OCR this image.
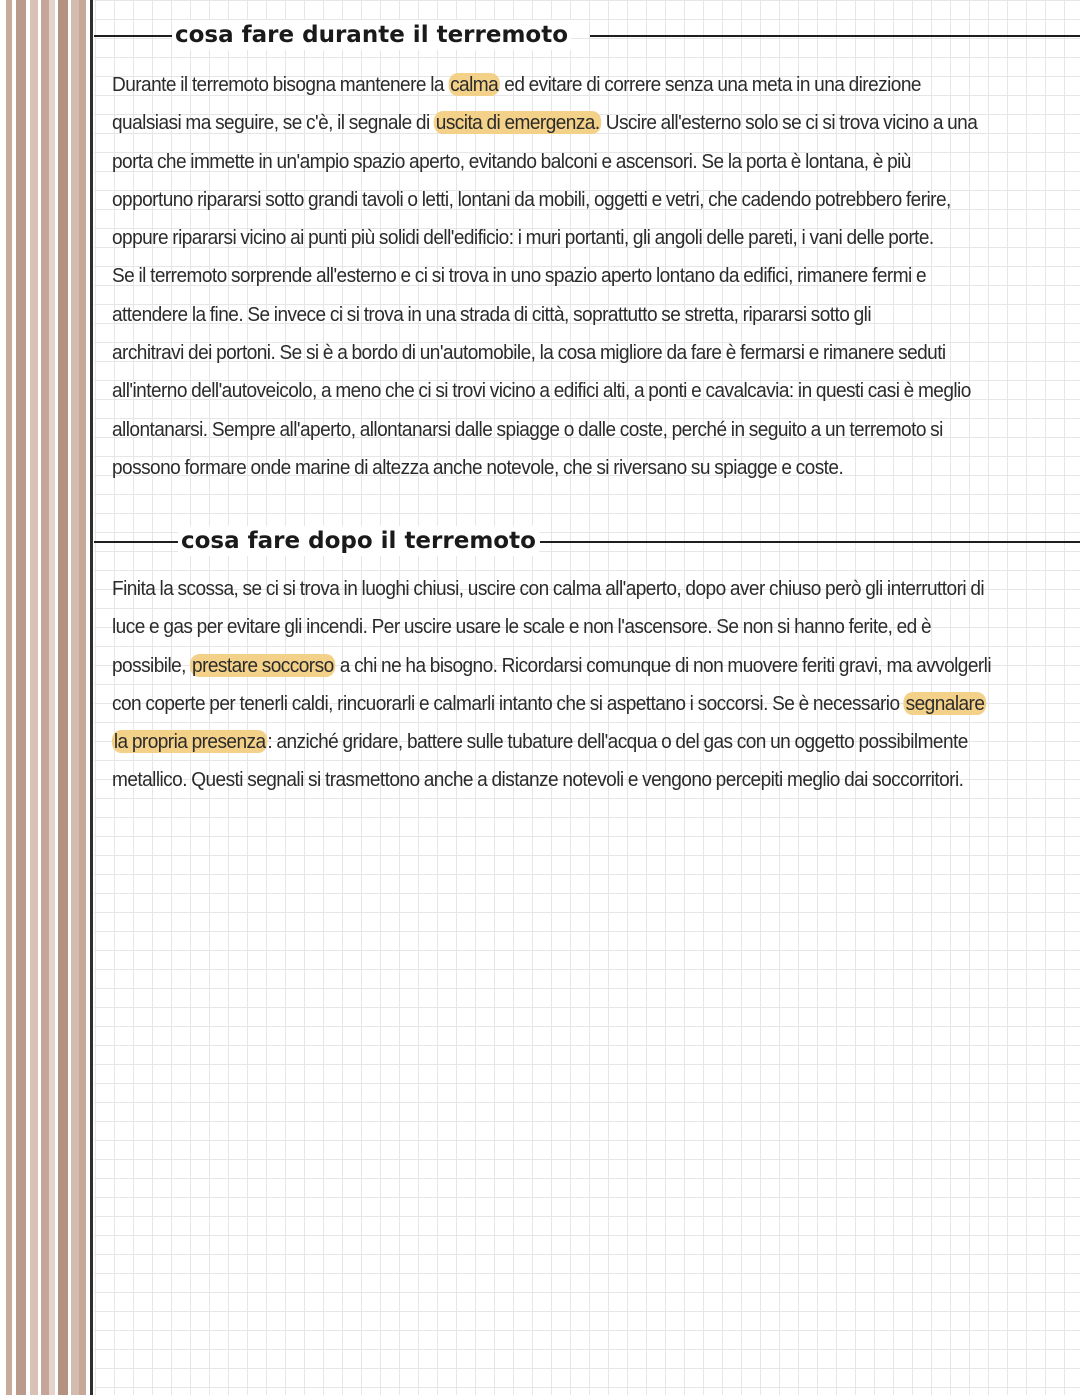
cosa fare durante il terremoto

Durante il terremoto bisogna mantenere la calma ed evitare di correre senza una meta in una direzione
qualsiasi ma seguire, se c'è, il segnale di uscita di emergenza. Uscire all'esterno solo se ci si trova vicino a una
porta che immette in un'ampio spazio aperto, evitando balconi e ascensori. Se la porta è lontana, è più
opportuno ripararsi sotto grandi tavoli o letti, lontani da mobili, oggetti e vetri, che cadendo potrebbero ferire,
oppure ripararsi vicino ai punti più solidi dell'edificio: i muri portanti, gli angoli delle pareti, i vani delle porte.
Se il terremoto sorprende all'esterno e ci si trova in uno spazio aperto lontano da edifici, rimanere fermi e
attendere la fine. Se invece ci si trova in una strada di città, soprattutto se stretta, ripararsi sotto gli
architravi dei portoni. Se si è a bordo di un'automobile, la cosa migliore da fare è fermarsi e rimanere seduti
all'interno dell'autoveicolo, a meno che ci si trovi vicino a edifici alti, a ponti e cavalcavia: in questi casi è meglio
allontanarsi. Sempre all'aperto, allontanarsi dalle spiagge o dalle coste, perché in seguito a un terremoto si
possono formare onde marine di altezza anche notevole, che si riversano su spiagge e coste.

cosa fare dopo il terremoto

Finita la scossa, se ci si trova in luoghi chiusi, uscire con calma all'aperto, dopo aver chiuso però gli interruttori di
luce e gas per evitare gli incendi. Per uscire usare le scale e non l'ascensore. Se non si hanno ferite, ed è
possibile, prestare soccorso a chi ne ha bisogno. Ricordarsi comunque di non muovere feriti gravi, ma avvolgerli
con coperte per tenerli caldi, rincuorarli e calmarli intanto che si aspettano i soccorsi. Se è necessario segnalare
la propria presenza: anziché gridare, battere sulle tubature dell'acqua o del gas con un oggetto possibilmente
metallico. Questi segnali si trasmettono anche a distanze notevoli e vengono percepiti meglio dai soccorritori.
